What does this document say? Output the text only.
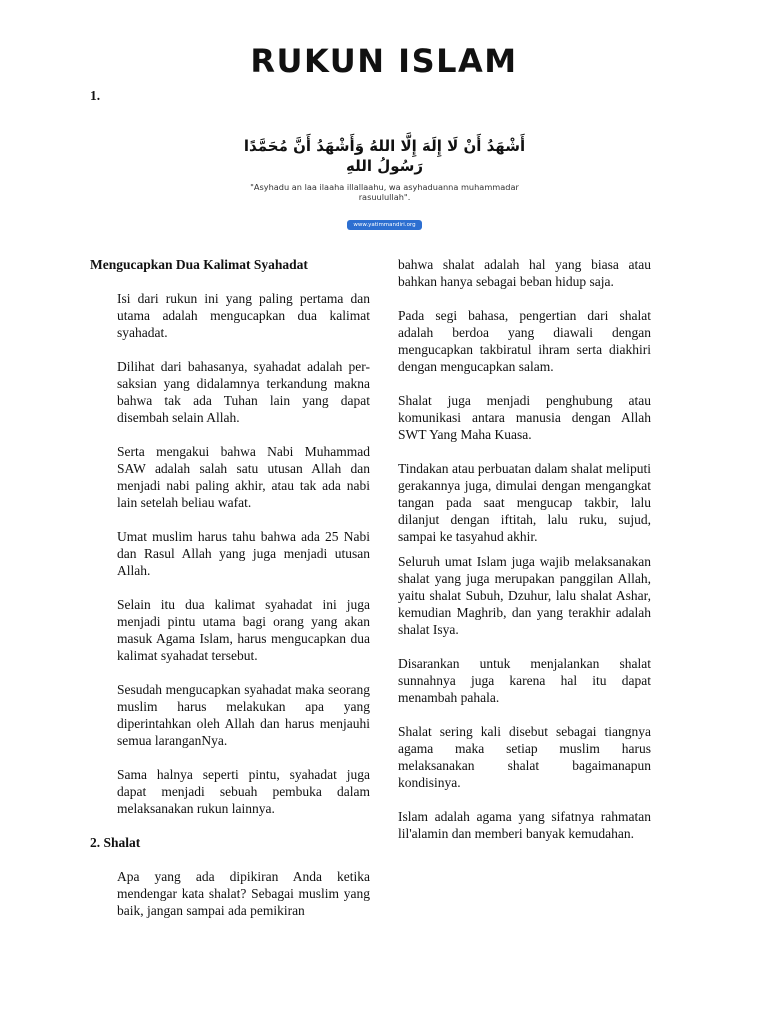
RUKUN ISLAM

1.

أَشْهَدُ أَنْ لَا إِلَهَ إِلَّا اللهُ وَأَشْهَدُ أَنَّ مُحَمَّدًا رَسُولُ اللهِ

"Asyhadu an laa ilaaha illallaahu, wa asyhaduanna muhammadar rasuulullah".

www.yatimmandiri.org
Mengucapkan Dua Kalimat Syahadat

Isi dari rukun ini yang paling pertama dan utama adalah mengucapkan dua kalimat syahadat.

Dilihat dari bahasanya, syahadat adalah per-saksian yang didalamnya terkandung makna bahwa tak ada Tuhan lain yang dapat disembah selain Allah.

Serta mengakui bahwa Nabi Muhammad SAW adalah salah satu utusan Allah dan menjadi nabi paling akhir, atau tak ada nabi lain setelah beliau wafat.

Umat muslim harus tahu bahwa ada 25 Nabi dan Rasul Allah yang juga menjadi utusan Allah.

Selain itu dua kalimat syahadat ini juga menjadi pintu utama bagi orang yang akan masuk Agama Islam, harus mengucapkan dua kalimat syahadat tersebut.

Sesudah mengucapkan syahadat maka seorang muslim harus melakukan apa yang diperintahkan oleh Allah dan harus menjauhi semua laranganNya.

Sama halnya seperti pintu, syahadat juga dapat menjadi sebuah pembuka dalam melaksanakan rukun lainnya.

2. Shalat

Apa yang ada dipikiran Anda ketika mendengar kata shalat? Sebagai muslim yang baik, jangan sampai ada pemikiran

bahwa shalat adalah hal yang biasa atau bahkan hanya sebagai beban hidup saja.

Pada segi bahasa, pengertian dari shalat adalah berdoa yang diawali dengan mengucapkan takbiratul ihram serta diakhiri dengan mengucapkan salam.

Shalat juga menjadi penghubung atau komunikasi antara manusia dengan Allah SWT Yang Maha Kuasa.

Tindakan atau perbuatan dalam shalat meliputi gerakannya juga, dimulai dengan mengangkat tangan pada saat mengucap takbir, lalu dilanjut dengan iftitah, lalu ruku, sujud, sampai ke tasyahud akhir.

Seluruh umat Islam juga wajib melaksanakan shalat yang juga merupakan panggilan Allah, yaitu shalat Subuh, Dzuhur, lalu shalat Ashar, kemudian Maghrib, dan yang terakhir adalah shalat Isya.

Disarankan untuk menjalankan shalat sunnahnya juga karena hal itu dapat menambah pahala.

Shalat sering kali disebut sebagai tiangnya agama maka setiap muslim harus melaksanakan shalat bagaimanapun kondisinya.

Islam adalah agama yang sifatnya rahmatan lil'alamin dan memberi banyak kemudahan.
